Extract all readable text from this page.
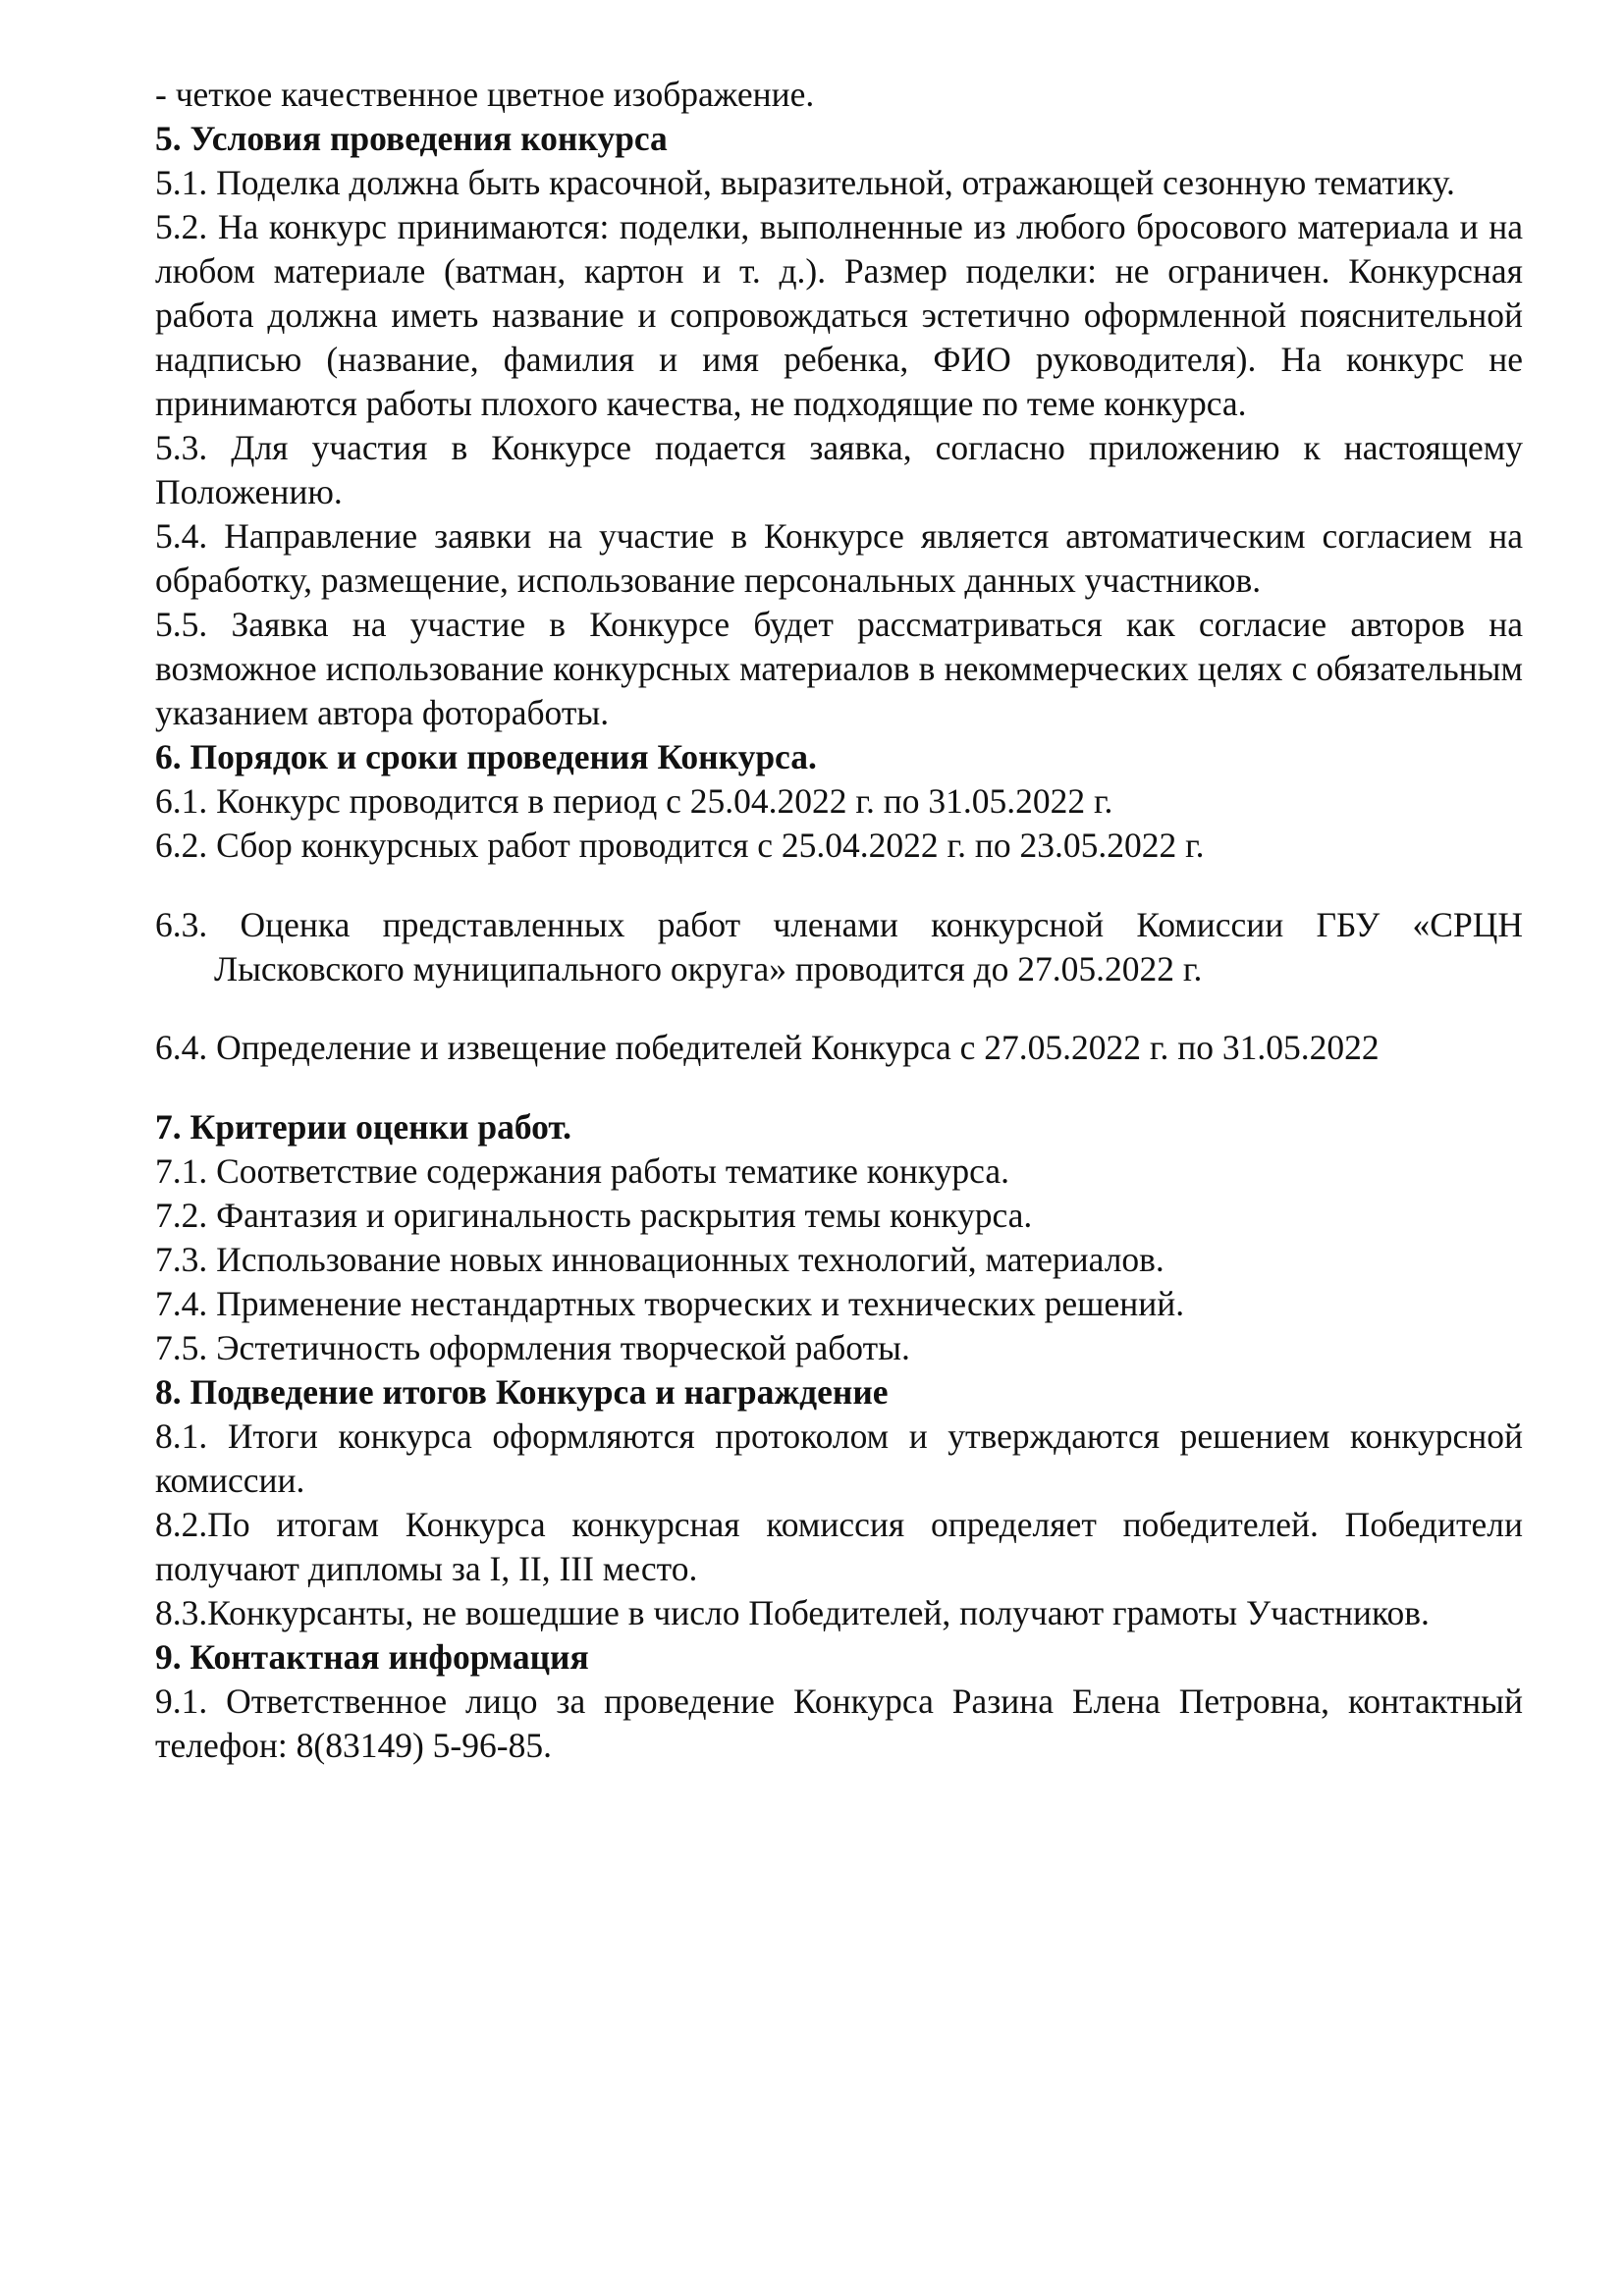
- четкое качественное цветное изображение.

5. Условия проведения конкурса

5.1. Поделка должна быть красочной, выразительной, отражающей сезонную тематику.

5.2. На конкурс принимаются: поделки, выполненные из любого бросового материала и на любом материале (ватман, картон и т. д.). Размер поделки: не ограничен. Конкурсная работа должна иметь название и сопровождаться эстетично оформленной пояснительной надписью (название, фамилия и имя ребенка, ФИО руководителя). На конкурс не принимаются работы плохого качества, не подходящие по теме конкурса.

5.3. Для участия в Конкурсе подается заявка, согласно приложению к настоящему Положению.

5.4. Направление заявки на участие в Конкурсе является автоматическим согласием на обработку, размещение, использование персональных данных участников.

5.5. Заявка на участие в Конкурсе будет рассматриваться как согласие авторов на возможное использование конкурсных материалов в некоммерческих целях с обязательным указанием автора фотоработы.

6. Порядок и сроки проведения Конкурса.

6.1. Конкурс проводится в период с 25.04.2022 г. по 31.05.2022 г.

6.2. Сбор конкурсных работ проводится с 25.04.2022 г. по 23.05.2022 г.

6.3. Оценка представленных работ членами конкурсной Комиссии ГБУ «СРЦН Лысковского муниципального округа» проводится до 27.05.2022 г.

6.4. Определение и извещение победителей Конкурса с 27.05.2022 г. по 31.05.2022

7. Критерии оценки работ.

7.1. Соответствие содержания работы тематике конкурса.

7.2. Фантазия и оригинальность раскрытия темы конкурса.

7.3. Использование новых инновационных технологий, материалов.

7.4. Применение нестандартных творческих и технических решений.

7.5. Эстетичность оформления творческой работы.

8. Подведение итогов Конкурса и награждение

8.1. Итоги конкурса оформляются протоколом и утверждаются решением конкурсной комиссии.

8.2.По итогам Конкурса конкурсная комиссия определяет победителей. Победители получают дипломы за I, II, III место.

8.3.Конкурсанты, не вошедшие в число Победителей, получают грамоты Участников.

9. Контактная информация

9.1. Ответственное лицо за проведение Конкурса Разина Елена Петровна, контактный телефон: 8(83149) 5-96-85.
